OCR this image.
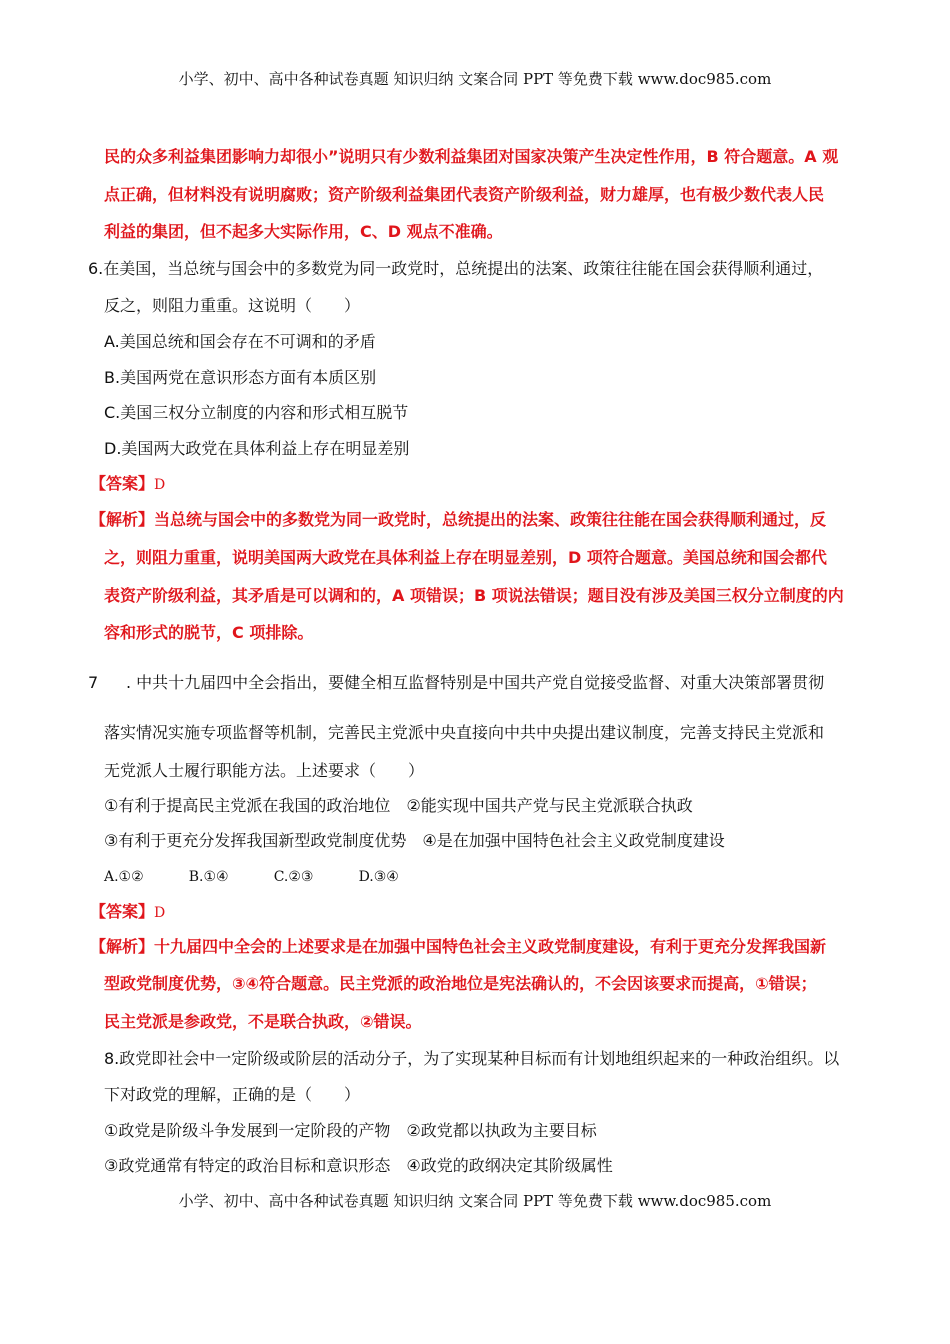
小学、初中、高中各种试卷真题 知识归纳 文案合同 PPT 等免费下载 www.doc985.com
民的众多利益集团影响力却很小”说明只有少数利益集团对国家决策产生决定性作用，B 符合题意。A 观
点正确，但材料没有说明腐败；资产阶级利益集团代表资产阶级利益，财力雄厚，也有极少数代表人民
利益的集团，但不起多大实际作用，C、D 观点不准确。
6.在美国，当总统与国会中的多数党为同一政党时，总统提出的法案、政策往往能在国会获得顺利通过，
反之，则阻力重重。这说明（　　）
A.美国总统和国会存在不可调和的矛盾
B.美国两党在意识形态方面有本质区别
C.美国三权分立制度的内容和形式相互脱节
D.美国两大政党在具体利益上存在明显差别
【答案】D
【解析】当总统与国会中的多数党为同一政党时，总统提出的法案、政策往往能在国会获得顺利通过，反
之，则阻力重重，说明美国两大政党在具体利益上存在明显差别，D 项符合题意。美国总统和国会都代
表资产阶级利益，其矛盾是可以调和的，A 项错误；B 项说法错误；题目没有涉及美国三权分立制度的内
容和形式的脱节，C 项排除。
7 . 中共十九届四中全会指出，要健全相互监督特别是中国共产党自觉接受监督、对重大决策部署贯彻
落实情况实施专项监督等机制，完善民主党派中央直接向中共中央提出建议制度，完善支持民主党派和
无党派人士履行职能方法。上述要求（　　）
①有利于提高民主党派在我国的政治地位　②能实现中国共产党与民主党派联合执政
③有利于更充分发挥我国新型政党制度优势　④是在加强中国特色社会主义政党制度建设
A.①②	B.①④	C.②③	D.③④
【答案】D
【解析】十九届四中全会的上述要求是在加强中国特色社会主义政党制度建设，有利于更充分发挥我国新
型政党制度优势，③④符合题意。民主党派的政治地位是宪法确认的，不会因该要求而提高，①错误；
民主党派是参政党，不是联合执政，②错误。
8.政党即社会中一定阶级或阶层的活动分子，为了实现某种目标而有计划地组织起来的一种政治组织。以
下对政党的理解，正确的是（　　）
①政党是阶级斗争发展到一定阶段的产物　②政党都以执政为主要目标
③政党通常有特定的政治目标和意识形态　④政党的政纲决定其阶级属性
小学、初中、高中各种试卷真题 知识归纳 文案合同 PPT 等免费下载 www.doc985.com
